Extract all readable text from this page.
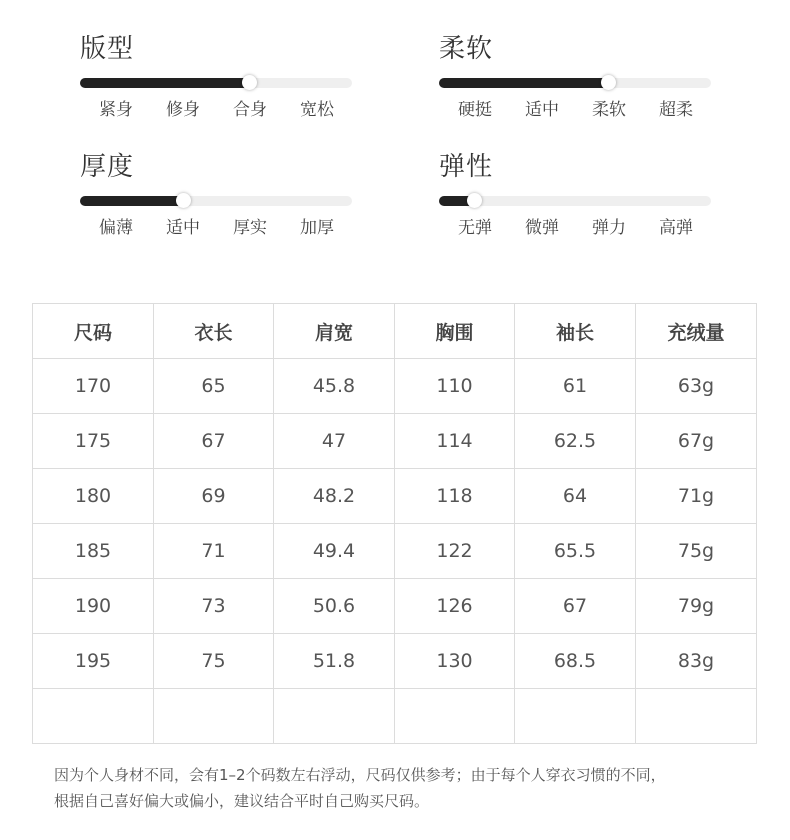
版型
紧身	修身	合身	宽松
柔软
硬挺	适中	柔软	超柔
厚度
偏薄	适中	厚实	加厚
弹性
无弹	微弹	弹力	高弹
尺码	衣长	肩宽	胸围	袖长	充绒量
170	65	45.8	110	61	63g
175	67	47	114	62.5	67g
180	69	48.2	118	64	71g
185	71	49.4	122	65.5	75g
190	73	50.6	126	67	79g
195	75	51.8	130	68.5	83g

因为个人身材不同，会有1–2个码数左右浮动，尺码仅供参考；由于每个人穿衣习惯的不同，
根据自己喜好偏大或偏小，建议结合平时自己购买尺码。
